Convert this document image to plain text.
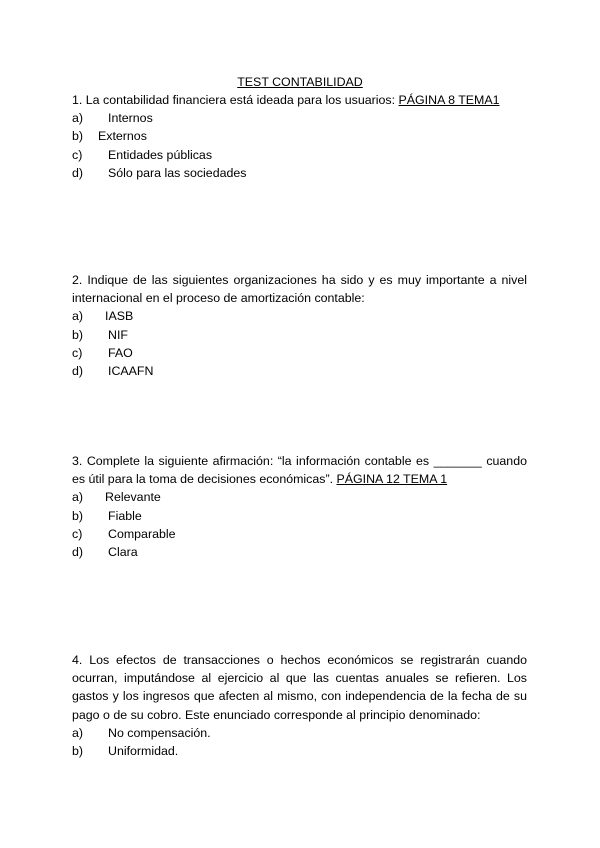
TEST CONTABILIDAD

1. La contabilidad financiera está ideada para los usuarios: PÁGINA 8 TEMA1

a)	Internos
b)	Externos
c)	Entidades públicas
d)	Sólo para las sociedades

2. Indique de las siguientes organizaciones ha sido y es muy importante a nivel internacional en el proceso de amortización contable:

a)	IASB
b)	NIF
c)	FAO
d)	ICAAFN

3. Complete la siguiente afirmación: “la información contable es _______ cuando es útil para la toma de decisiones económicas”. PÁGINA 12 TEMA 1

a)	Relevante
b)	Fiable
c)	Comparable
d)	Clara

4. Los efectos de transacciones o hechos económicos se registrarán cuando ocurran, imputándose al ejercicio al que las cuentas anuales se refieren. Los gastos y los ingresos que afecten al mismo, con independencia de la fecha de su pago o de su cobro. Este enunciado corresponde al principio denominado:

a)	No compensación.
b)	Uniformidad.
